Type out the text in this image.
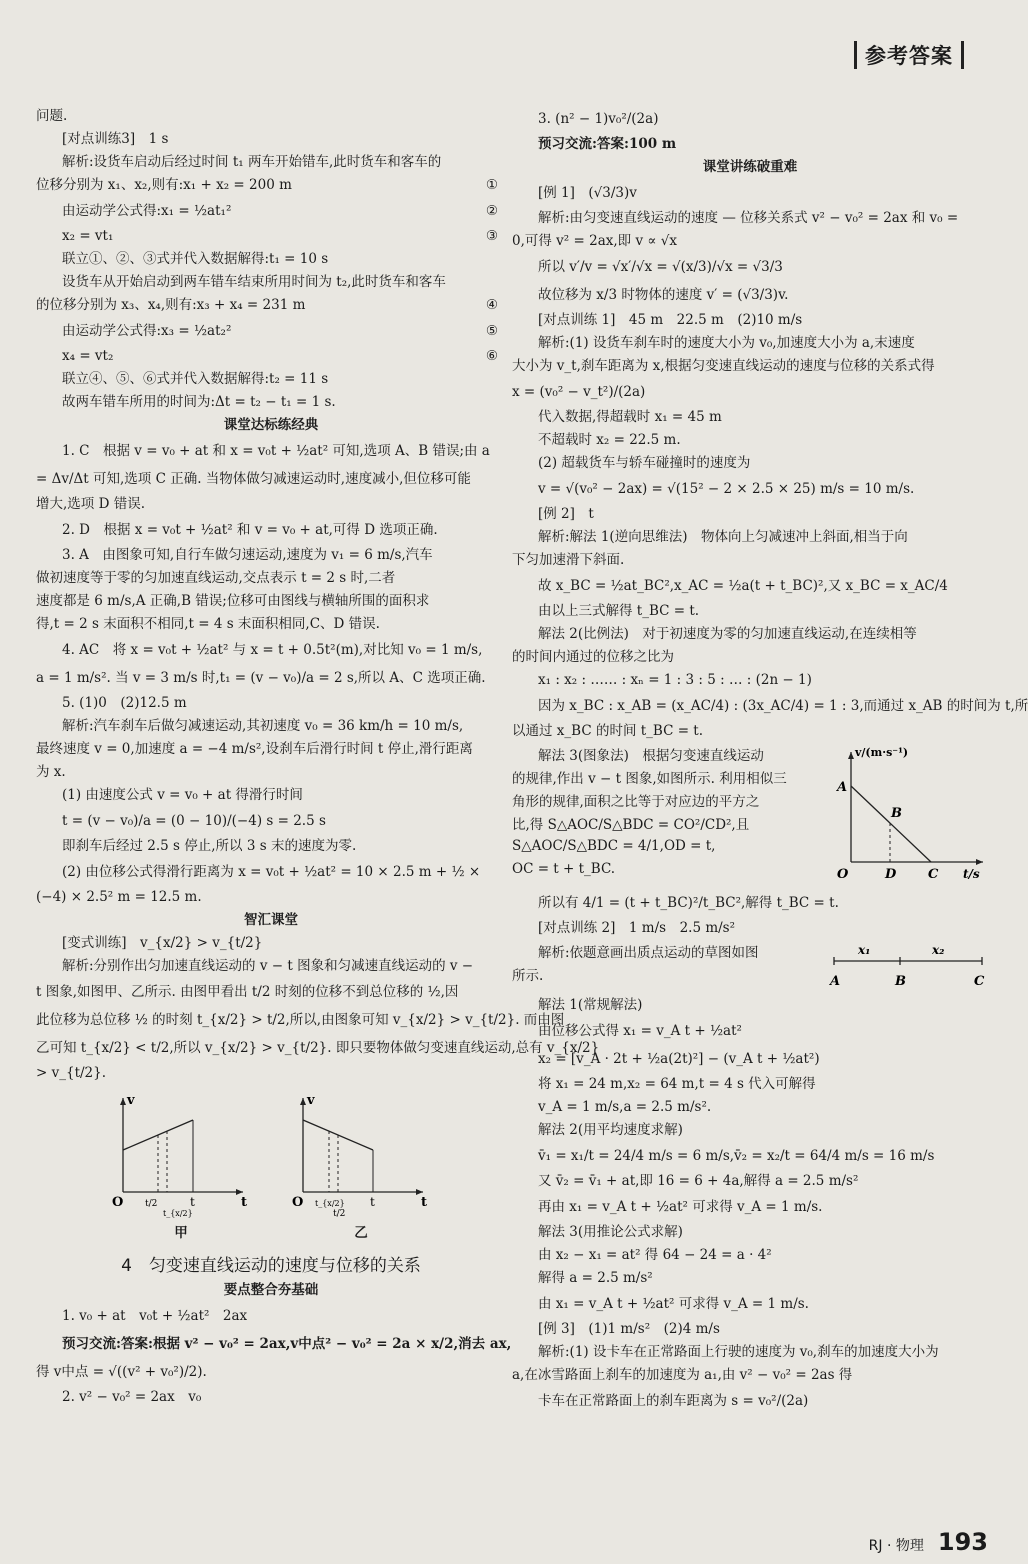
参考答案
问题.
[对点训练3]　1 s
解析:设货车启动后经过时间 t₁ 两车开始错车,此时货车和客车的
位移分别为 x₁、x₂,则有:x₁ + x₂ = 200 m	①
由运动学公式得:x₁ = ½at₁²	②
x₂ = vt₁	③
联立①、②、③式并代入数据解得:t₁ = 10 s
设货车从开始启动到两车错车结束所用时间为 t₂,此时货车和客车
的位移分别为 x₃、x₄,则有:x₃ + x₄ = 231 m	④
由运动学公式得:x₃ = ½at₂²	⑤
x₄ = vt₂	⑥
联立④、⑤、⑥式并代入数据解得:t₂ = 11 s
故两车错车所用的时间为:Δt = t₂ − t₁ = 1 s.
课堂达标练经典
1. C　根据 v = v₀ + at 和 x = v₀t + ½at² 可知,选项 A、B 错误;由 a
= Δv/Δt 可知,选项 C 正确. 当物体做匀减速运动时,速度减小,但位移可能
增大,选项 D 错误.
2. D　根据 x = v₀t + ½at² 和 v = v₀ + at,可得 D 选项正确.
3. A　由图象可知,自行车做匀速运动,速度为 v₁ = 6 m/s,汽车
做初速度等于零的匀加速直线运动,交点表示 t = 2 s 时,二者
速度都是 6 m/s,A 正确,B 错误;位移可由图线与横轴所围的面积求
得,t = 2 s 末面积不相同,t = 4 s 末面积相同,C、D 错误.
4. AC　将 x = v₀t + ½at² 与 x = t + 0.5t²(m),对比知 v₀ = 1 m/s,
a = 1 m/s². 当 v = 3 m/s 时,t₁ = (v − v₀)/a = 2 s,所以 A、C 选项正确.
5. (1)0　(2)12.5 m
解析:汽车刹车后做匀减速运动,其初速度 v₀ = 36 km/h = 10 m/s,
最终速度 v = 0,加速度 a = −4 m/s²,设刹车后滑行时间 t 停止,滑行距离
为 x.
(1) 由速度公式 v = v₀ + at 得滑行时间
t = (v − v₀)/a = (0 − 10)/(−4) s = 2.5 s
即刹车后经过 2.5 s 停止,所以 3 s 末的速度为零.
(2) 由位移公式得滑行距离为 x = v₀t + ½at² = 10 × 2.5 m + ½ ×
(−4) × 2.5² m = 12.5 m.
智汇课堂
[变式训练]　v_{x/2} > v_{t/2}
解析:分别作出匀加速直线运动的 v − t 图象和匀减速直线运动的 v −
t 图象,如图甲、乙所示. 由图甲看出 t/2 时刻的位移不到总位移的 ½,因
此位移为总位移 ½ 的时刻 t_{x/2} > t/2,所以,由图象可知 v_{x/2} > v_{t/2}. 而由图
乙可知 t_{x/2} < t/2,所以 v_{x/2} > v_{t/2}. 即只要物体做匀变速直线运动,总有 v_{x/2}
> v_{t/2}.
v
O	t
t
t/2
t_{x/2}
甲
v
O	t
t
t_{x/2}
t/2
乙
4　匀变速直线运动的速度与位移的关系
要点整合夯基础
1. v₀ + at　v₀t + ½at²　2ax
预习交流:答案:根据 v² − v₀² = 2ax,v中点² − v₀² = 2a × x/2,消去 ax,
得 v中点 = √((v² + v₀²)/2).
2. v² − v₀² = 2ax　v₀
3. (n² − 1)v₀²/(2a)
预习交流:答案:100 m
课堂讲练破重难
[例 1]　(√3/3)v
解析:由匀变速直线运动的速度 — 位移关系式 v² − v₀² = 2ax 和 v₀ =
0,可得 v² = 2ax,即 v ∝ √x
所以 v′/v = √x′/√x = √(x/3)/√x = √3/3
故位移为 x/3 时物体的速度 v′ = (√3/3)v.
[对点训练 1]　45 m　22.5 m　(2)10 m/s
解析:(1) 设货车刹车时的速度大小为 v₀,加速度大小为 a,末速度
大小为 v_t,刹车距离为 x,根据匀变速直线运动的速度与位移的关系式得
x = (v₀² − v_t²)/(2a)
代入数据,得超载时 x₁ = 45 m
不超载时 x₂ = 22.5 m.
(2) 超载货车与轿车碰撞时的速度为
v = √(v₀² − 2ax) = √(15² − 2 × 2.5 × 25) m/s = 10 m/s.
[例 2]　t
解析:解法 1(逆向思维法)　物体向上匀减速冲上斜面,相当于向
下匀加速滑下斜面.
故 x_BC = ½at_BC²,x_AC = ½a(t + t_BC)²,又 x_BC = x_AC/4
由以上三式解得 t_BC = t.
解法 2(比例法)　对于初速度为零的匀加速直线运动,在连续相等
的时间内通过的位移之比为
x₁ : x₂ : …… : xₙ = 1 : 3 : 5 : … : (2n − 1)
因为 x_BC : x_AB = (x_AC/4) : (3x_AC/4) = 1 : 3,而通过 x_AB 的时间为 t,所
以通过 x_BC 的时间 t_BC = t.
解法 3(图象法)　根据匀变速直线运动
的规律,作出 v − t 图象,如图所示. 利用相似三
角形的规律,面积之比等于对应边的平方之
比,得 S△AOC/S△BDC = CO²/CD²,且 S△AOC/S△BDC = 4/1,OD = t,
OC = t + t_BC.
v/(m·s⁻¹)
t/s
A
B
O	D C
所以有 4/1 = (t + t_BC)²/t_BC²,解得 t_BC = t.
[对点训练 2]　1 m/s　2.5 m/s²
解析:依题意画出质点运动的草图如图
所示.
x₁	x₂
A	B	C
解法 1(常规解法)
由位移公式得 x₁ = v_A t + ½at²
x₂ = [v_A · 2t + ½a(2t)²] − (v_A t + ½at²)
将 x₁ = 24 m,x₂ = 64 m,t = 4 s 代入可解得
v_A = 1 m/s,a = 2.5 m/s².
解法 2(用平均速度求解)
v̄₁ = x₁/t = 24/4 m/s = 6 m/s,v̄₂ = x₂/t = 64/4 m/s = 16 m/s
又 v̄₂ = v̄₁ + at,即 16 = 6 + 4a,解得 a = 2.5 m/s²
再由 x₁ = v_A t + ½at² 可求得 v_A = 1 m/s.
解法 3(用推论公式求解)
由 x₂ − x₁ = at² 得 64 − 24 = a · 4²
解得 a = 2.5 m/s²
由 x₁ = v_A t + ½at² 可求得 v_A = 1 m/s.
[例 3]　(1)1 m/s²　(2)4 m/s
解析:(1) 设卡车在正常路面上行驶的速度为 v₀,刹车的加速度大小为
a,在冰雪路面上刹车的加速度为 a₁,由 v² − v₀² = 2as 得
卡车在正常路面上的刹车距离为 s = v₀²/(2a)
RJ · 物理 193
